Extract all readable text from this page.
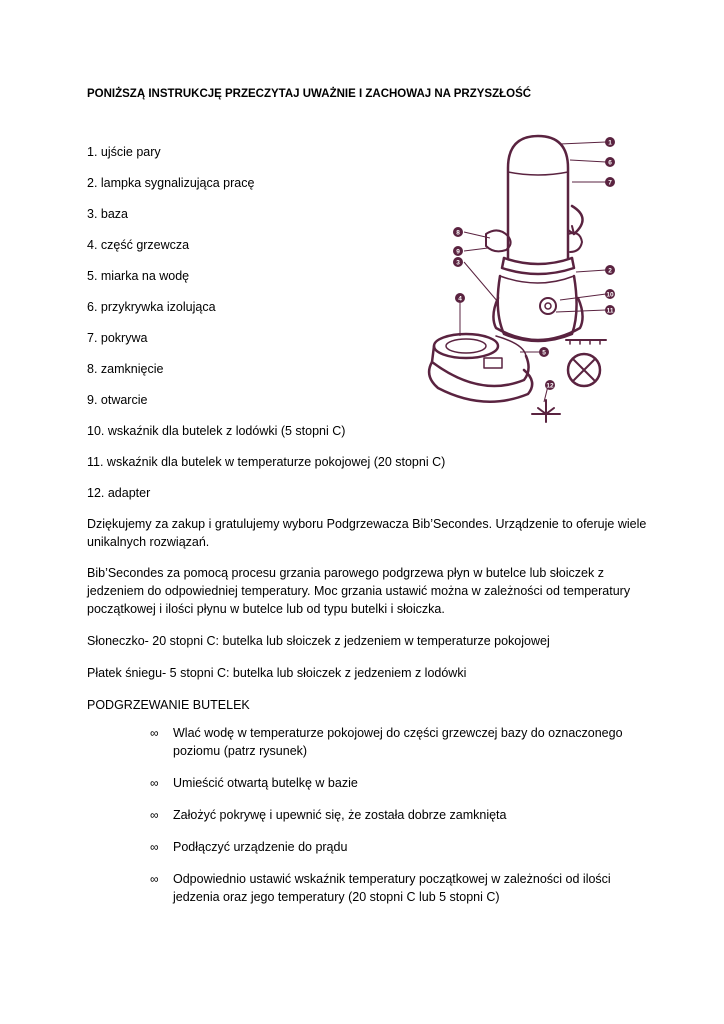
PONIŻSZĄ INSTRUKCJĘ PRZECZYTAJ UWAŻNIE I ZACHOWAJ NA PRZYSZŁOŚĆ
1. ujście pary
2. lampka sygnalizująca pracę
3. baza
4. część grzewcza
5. miarka na wodę
6. przykrywka izolująca
7. pokrywa
8. zamknięcie
9. otwarcie
10. wskaźnik dla butelek z lodówki (5 stopni C)
11. wskaźnik dla butelek w temperaturze pokojowej (20 stopni C)
12. adapter
1
6
7
8
9
3
4
2
10
11
5
12

Dziękujemy za zakup i gratulujemy wyboru Podgrzewacza Bib’Secondes. Urządzenie to oferuje wiele unikalnych rozwiązań.

Bib’Secondes za pomocą procesu grzania parowego podgrzewa płyn w butelce lub słoiczek z jedzeniem do odpowiedniej temperatury. Moc grzania ustawić można w zależności od temperatury początkowej i ilości płynu w butelce lub od typu butelki i słoiczka.

Słoneczko- 20 stopni C: butelka lub słoiczek z jedzeniem w temperaturze pokojowej

Płatek śniegu- 5 stopni C: butelka lub słoiczek z jedzeniem z lodówki

PODGRZEWANIE BUTELEK

∞ Wlać wodę w temperaturze pokojowej do części grzewczej bazy do oznaczonego poziomu (patrz rysunek)
∞ Umieścić otwartą butelkę w bazie
∞ Założyć pokrywę i upewnić się, że została dobrze zamknięta
∞ Podłączyć urządzenie do prądu
∞ Odpowiednio ustawić wskaźnik temperatury początkowej w zależności od ilości jedzenia oraz jego temperatury (20 stopni C lub 5 stopni C)
